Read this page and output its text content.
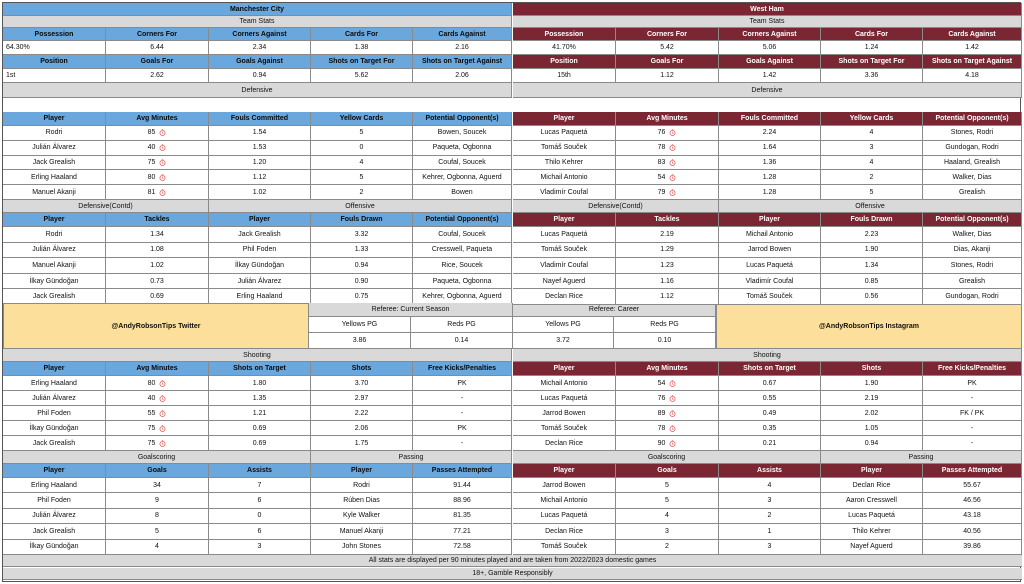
Manchester City
Team Stats
Possession	Corners For	Corners Against	Cards For	Cards Against
64.30%	6.44	2.34	1.38	2.16
Position	Goals For	Goals Against	Shots on Target For	Shots on Target Against
1st	2.62	0.94	5.62	2.06
Defensive
Player	Avg Minutes	Fouls Committed	Yellow Cards	Potential Opponent(s)
Rodri	85	1.54	5	Bowen, Soucek
Julián Álvarez	40	1.53	0	Paqueta, Ogbonna
Jack Grealish	75	1.20	4	Coufal, Soucek
Erling Haaland	80	1.12	5	Kehrer, Ogbonna, Aguerd
Manuel Akanji	81	1.02	2	Bowen
Defensive(Contd)	Offensive
Player	Tackles	Player	Fouls Drawn	Potential Opponent(s)
Rodri	1.34	Jack Grealish	3.32	Coufal, Soucek
Julián Álvarez	1.08	Phil Foden	1.33	Cresswell, Paqueta
Manuel Akanji	1.02	İlkay Gündoğan	0.94	Rice, Soucek
İlkay Gündoğan	0.73	Julián Álvarez	0.90	Paqueta, Ogbonna
Jack Grealish	0.69	Erling Haaland	0.75	Kehrer, Ogbonna, Aguerd
@AndyRobsonTips Twitter	@AndyRobsonTips Instagram
Referee: Current Season	Referee: Career
Yellows PG	Reds PG	Yellows PG	Reds PG
3.86	0.14	3.72	0.10
Shooting
Player	Avg Minutes	Shots on Target	Shots	Free Kicks/Penalties
Erling Haaland	80	1.80	3.70	PK
Julián Álvarez	40	1.35	2.97	-
Phil Foden	55	1.21	2.22	-
İlkay Gündoğan	75	0.69	2.06	PK
Jack Grealish	75	0.69	1.75	-
Goalscoring	Passing
Player	Goals	Assists	Player	Passes Attempted
Erling Haaland	34	7	Rodri	91.44
Phil Foden	9	6	Rúben Dias	88.96
Julián Álvarez	8	0	Kyle Walker	81.35
Jack Grealish	5	6	Manuel Akanji	77.21
İlkay Gündoğan	4	3	John Stones	72.58
West Ham
Team Stats
Possession	Corners For	Corners Against	Cards For	Cards Against
41.70%	5.42	5.06	1.24	1.42
Position	Goals For	Goals Against	Shots on Target For	Shots on Target Against
15th	1.12	1.42	3.36	4.18
Defensive
Player	Avg Minutes	Fouls Committed	Yellow Cards	Potential Opponent(s)
Lucas Paquetá	76	2.24	4	Stones, Rodri
Tomáš Souček	78	1.64	3	Gundogan, Rodri
Thilo Kehrer	83	1.36	4	Haaland, Grealish
Michail Antonio	54	1.28	2	Walker, Dias
Vladimír Coufal	79	1.28	5	Grealish
Defensive(Contd)	Offensive
Player	Tackles	Player	Fouls Drawn	Potential Opponent(s)
Lucas Paquetá	2.19	Michail Antonio	2.23	Walker, Dias
Tomáš Souček	1.29	Jarrod Bowen	1.90	Dias, Akanji
Vladimír Coufal	1.23	Lucas Paquetá	1.34	Stones, Rodri
Nayef Aguerd	1.16	Vladimír Coufal	0.85	Grealish
Declan Rice	1.12	Tomáš Souček	0.56	Gundogan, Rodri
Shooting
Player	Avg Minutes	Shots on Target	Shots	Free Kicks/Penalties
Michail Antonio	54	0.67	1.90	PK
Lucas Paquetá	76	0.55	2.19	-
Jarrod Bowen	89	0.49	2.02	FK / PK
Tomáš Souček	78	0.35	1.05	-
Declan Rice	90	0.21	0.94	-
Goalscoring	Passing
Player	Goals	Assists	Player	Passes Attempted
Jarrod Bowen	5	4	Declan Rice	55.67
Michail Antonio	5	3	Aaron Cresswell	46.56
Lucas Paquetá	4	2	Lucas Paquetá	43.18
Declan Rice	3	1	Thilo Kehrer	40.56
Tomáš Souček	2	3	Nayef Aguerd	39.86
All stats are displayed per 90 minutes played and are taken from 2022/2023 domestic games
18+, Gamble Responsibly
